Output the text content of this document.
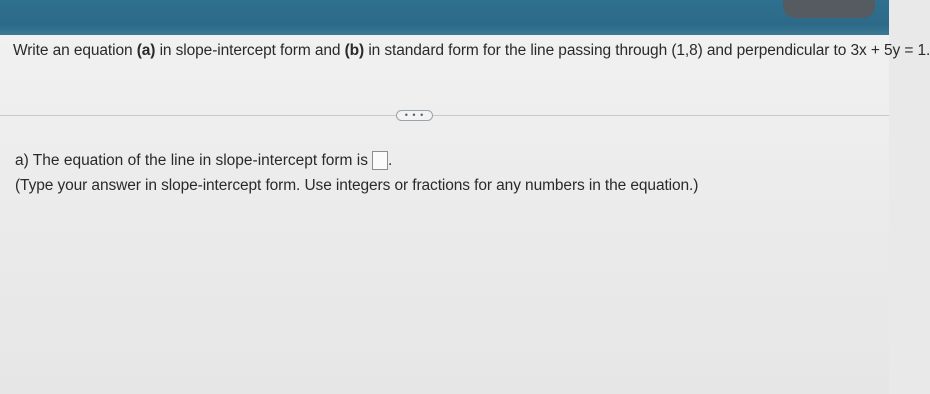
Write an equation (a) in slope-intercept form and (b) in standard form for the line passing through (1,8) and perpendicular to 3x + 5y = 1.
• • •
a) The equation of the line in slope-intercept form is .
(Type your answer in slope-intercept form. Use integers or fractions for any numbers in the equation.)
